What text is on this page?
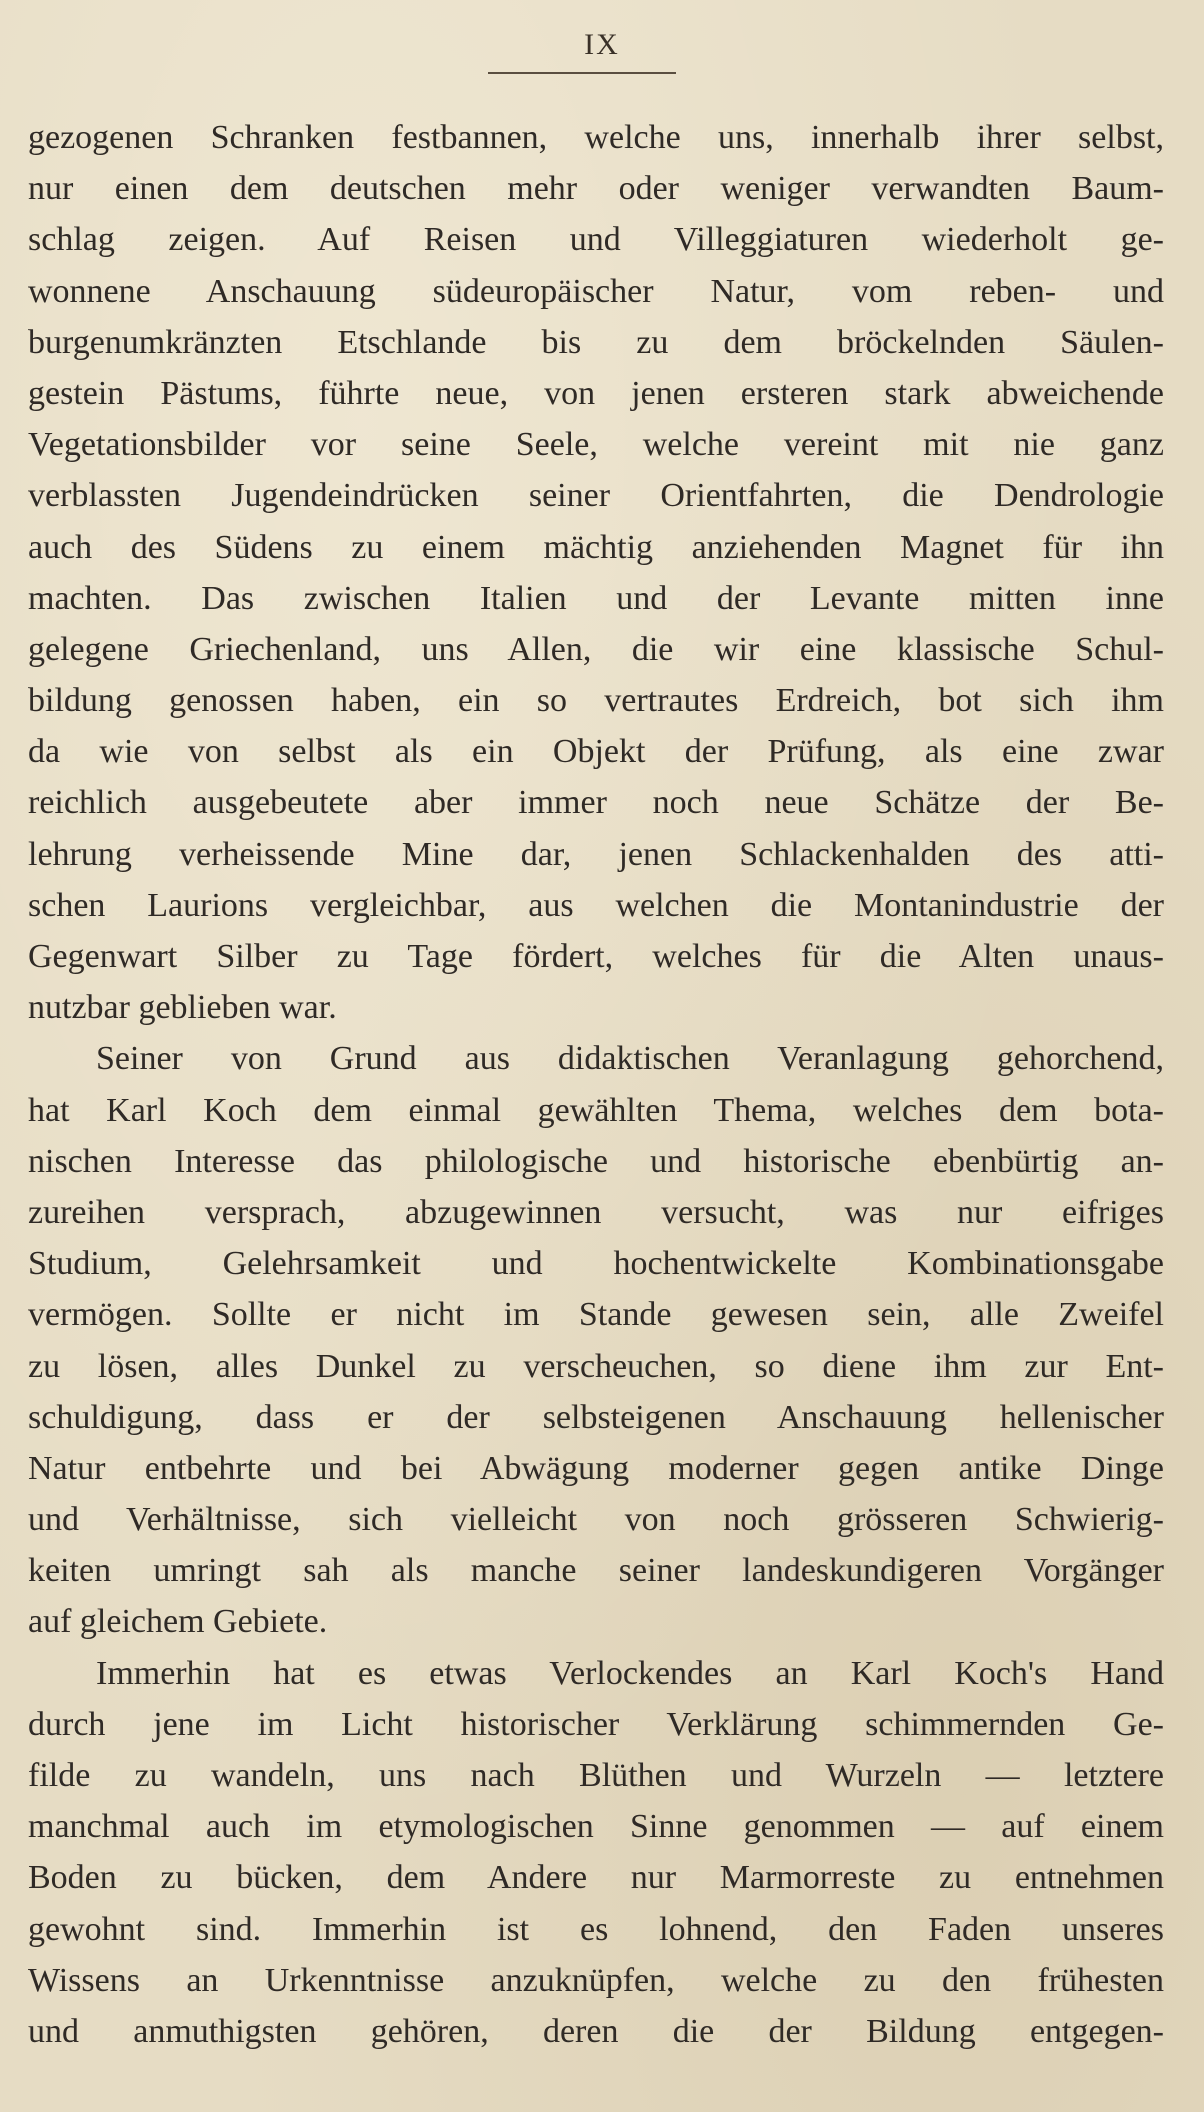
IX
gezogenen Schranken festbannen, welche uns, innerhalb ihrer selbst,
nur einen dem deutschen mehr oder weniger verwandten Baum-
schlag zeigen. Auf Reisen und Villeggiaturen wiederholt ge-
wonnene Anschauung südeuropäischer Natur, vom reben- und
burgenumkränzten Etschlande bis zu dem bröckelnden Säulen-
gestein Pästums, führte neue, von jenen ersteren stark abweichende
Vegetationsbilder vor seine Seele, welche vereint mit nie ganz
verblassten Jugendeindrücken seiner Orientfahrten, die Dendrologie
auch des Südens zu einem mächtig anziehenden Magnet für ihn
machten. Das zwischen Italien und der Levante mitten inne
gelegene Griechenland, uns Allen, die wir eine klassische Schul-
bildung genossen haben, ein so vertrautes Erdreich, bot sich ihm
da wie von selbst als ein Objekt der Prüfung, als eine zwar
reichlich ausgebeutete aber immer noch neue Schätze der Be-
lehrung verheissende Mine dar, jenen Schlackenhalden des atti-
schen Laurions vergleichbar, aus welchen die Montanindustrie der
Gegenwart Silber zu Tage fördert, welches für die Alten unaus-
nutzbar geblieben war.
Seiner von Grund aus didaktischen Veranlagung gehorchend,
hat Karl Koch dem einmal gewählten Thema, welches dem bota-
nischen Interesse das philologische und historische ebenbürtig an-
zureihen versprach, abzugewinnen versucht, was nur eifriges
Studium, Gelehrsamkeit und hochentwickelte Kombinationsgabe
vermögen. Sollte er nicht im Stande gewesen sein, alle Zweifel
zu lösen, alles Dunkel zu verscheuchen, so diene ihm zur Ent-
schuldigung, dass er der selbsteigenen Anschauung hellenischer
Natur entbehrte und bei Abwägung moderner gegen antike Dinge
und Verhältnisse, sich vielleicht von noch grösseren Schwierig-
keiten umringt sah als manche seiner landeskundigeren Vorgänger
auf gleichem Gebiete.
Immerhin hat es etwas Verlockendes an Karl Koch's Hand
durch jene im Licht historischer Verklärung schimmernden Ge-
filde zu wandeln, uns nach Blüthen und Wurzeln — letztere
manchmal auch im etymologischen Sinne genommen — auf einem
Boden zu bücken, dem Andere nur Marmorreste zu entnehmen
gewohnt sind. Immerhin ist es lohnend, den Faden unseres
Wissens an Urkenntnisse anzuknüpfen, welche zu den frühesten
und anmuthigsten gehören, deren die der Bildung entgegen-
